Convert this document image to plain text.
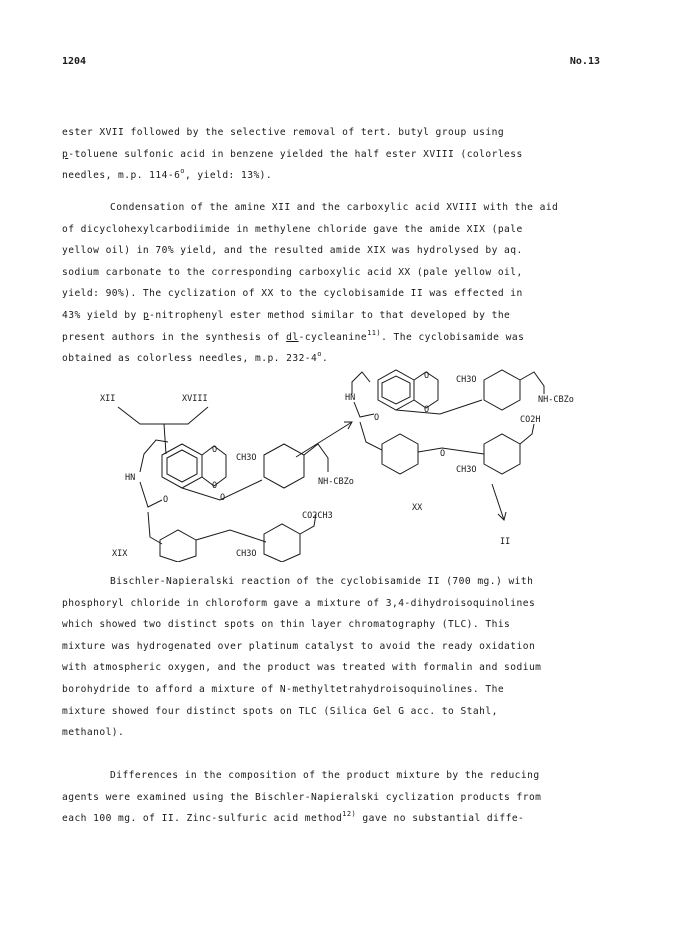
1204	No.13

ester XVII followed by the selective removal of tert. butyl group using
p-toluene sulfonic acid in benzene yielded the half ester XVIII (colorless
needles, m.p. 114-6$^o$, yield: 13%).

Condensation of the amine XII and the carboxylic acid XVIII with the aid
of dicyclohexylcarbodiimide in methylene chloride gave the amide XIX (pale
yellow oil) in 70% yield, and the resulted amide XIX was hydrolysed by aq.
sodium carbonate to the corresponding carboxylic acid XX (pale yellow oil,
yield: 90%). The cyclization of XX to the cyclobisamide II was effected in
43% yield by p-nitrophenyl ester method similar to that developed by the
present authors in the synthesis of dl-cycleanine$^{11)}$. The cyclobisamide was
obtained as colorless needles, m.p. 232-4$^o$.

XII	XVIII
HN
O
O
O	O
CH3O
NH-CBZo
CO2CH3
CH3O
XIX
HN
O
O
CH3O
NH-CBZo
O
O
CO2H
CH3O
XX
II

Bischler-Napieralski reaction of the cyclobisamide II (700 mg.) with
phosphoryl chloride in chloroform gave a mixture of 3,4-dihydroisoquinolines
which showed two distinct spots on thin layer chromatography (TLC). This
mixture was hydrogenated over platinum catalyst to avoid the ready oxidation
with atmospheric oxygen, and the product was treated with formalin and sodium
borohydride to afford a mixture of N-methyltetrahydroisoquinolines. The
mixture showed four distinct spots on TLC (Silica Gel G acc. to Stahl,
methanol).

Differences in the composition of the product mixture by the reducing
agents were examined using the Bischler-Napieralski cyclization products from
each 100 mg. of II. Zinc-sulfuric acid method$^{12)}$ gave no substantial diffe-
